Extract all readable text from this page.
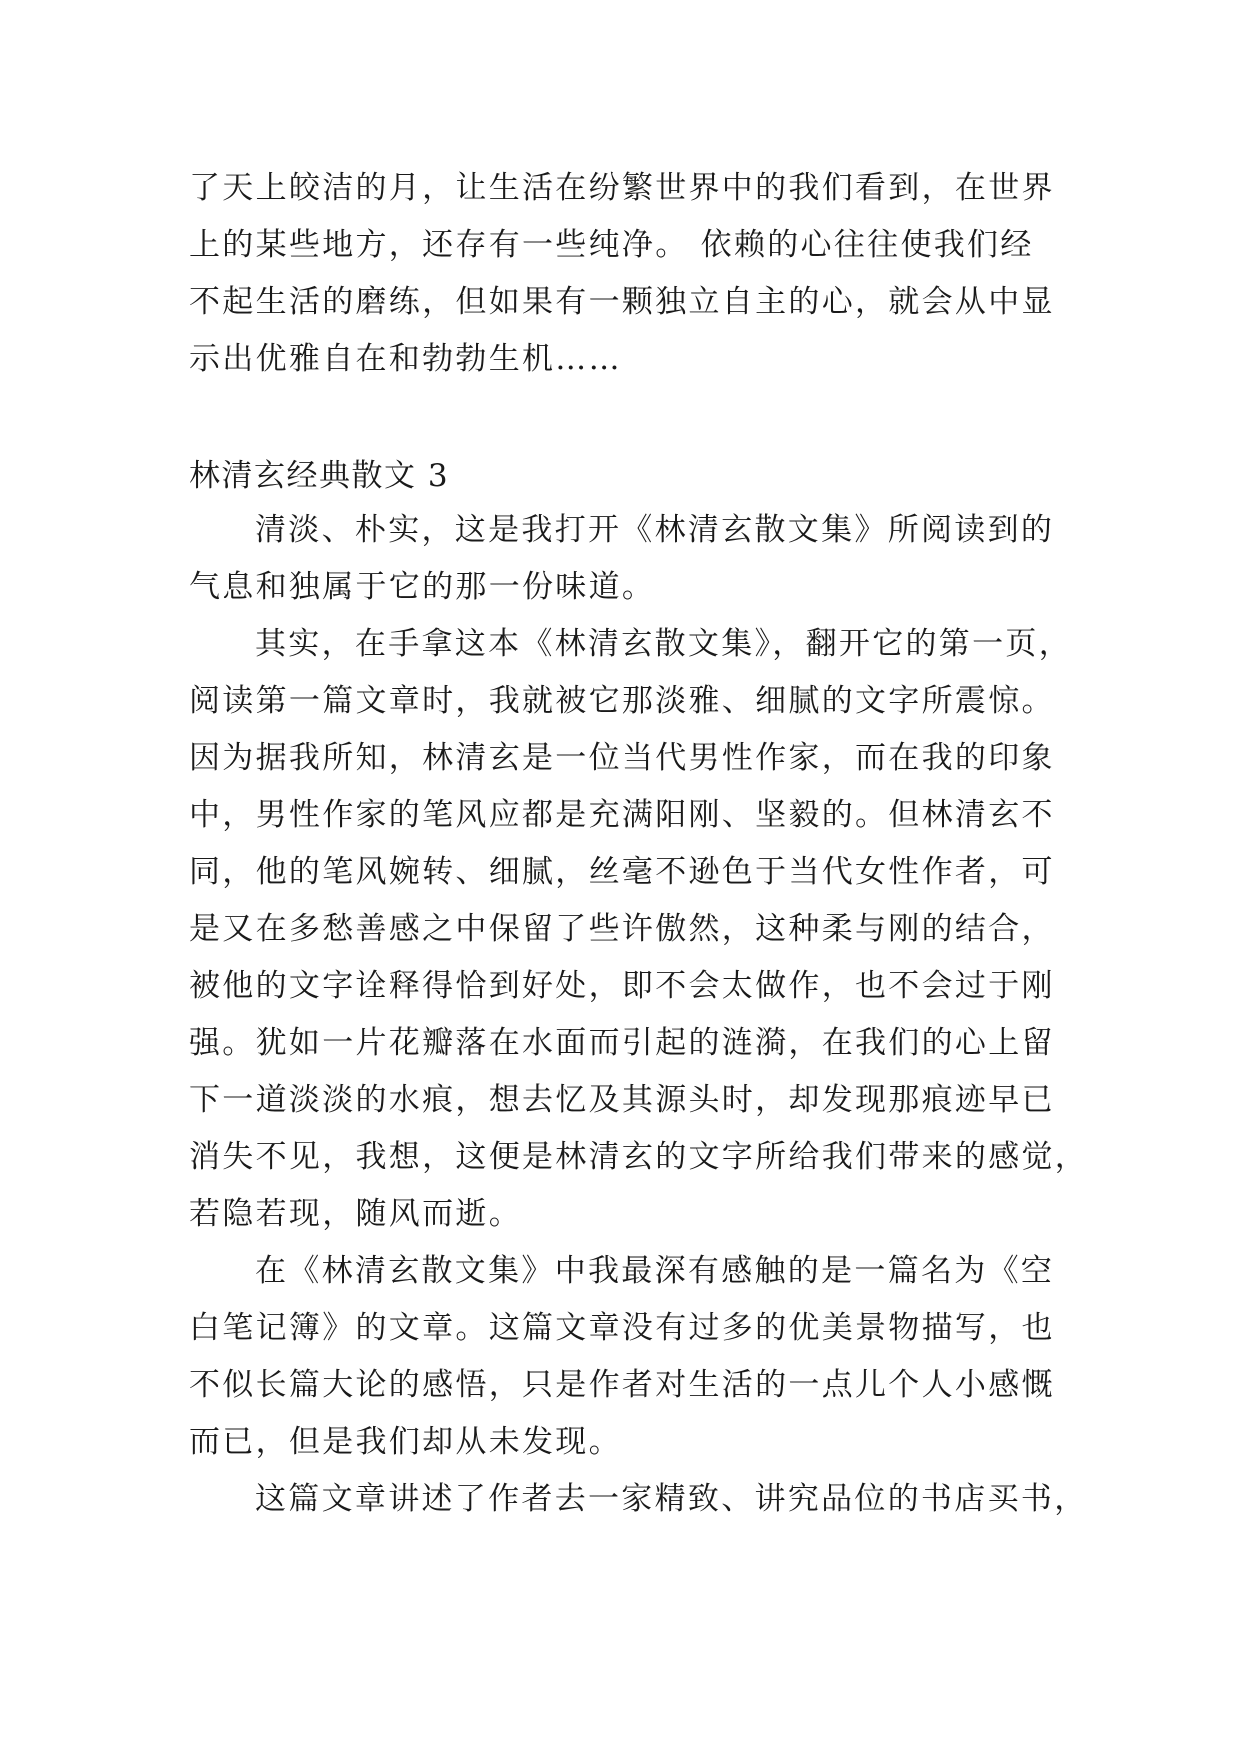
了天上皎洁的月，让生活在纷繁世界中的我们看到，在世界
上的某些地方，还存有一些纯净。 依赖的心往往使我们经
不起生活的磨练，但如果有一颗独立自主的心，就会从中显
示出优雅自在和勃勃生机……
林清玄经典散文 3
清淡、朴实，这是我打开《林清玄散文集》所阅读到的
气息和独属于它的那一份味道。
其实，在手拿这本《林清玄散文集》，翻开它的第一页，
阅读第一篇文章时，我就被它那淡雅、细腻的文字所震惊。
因为据我所知，林清玄是一位当代男性作家，而在我的印象
中，男性作家的笔风应都是充满阳刚、坚毅的。但林清玄不
同，他的笔风婉转、细腻，丝毫不逊色于当代女性作者，可
是又在多愁善感之中保留了些许傲然，这种柔与刚的结合，
被他的文字诠释得恰到好处，即不会太做作，也不会过于刚
强。犹如一片花瓣落在水面而引起的涟漪，在我们的心上留
下一道淡淡的水痕，想去忆及其源头时，却发现那痕迹早已
消失不见，我想，这便是林清玄的文字所给我们带来的感觉，
若隐若现，随风而逝。
在《林清玄散文集》中我最深有感触的是一篇名为《空
白笔记簿》的文章。这篇文章没有过多的优美景物描写，也
不似长篇大论的感悟，只是作者对生活的一点儿个人小感慨
而已，但是我们却从未发现。
这篇文章讲述了作者去一家精致、讲究品位的书店买书，
